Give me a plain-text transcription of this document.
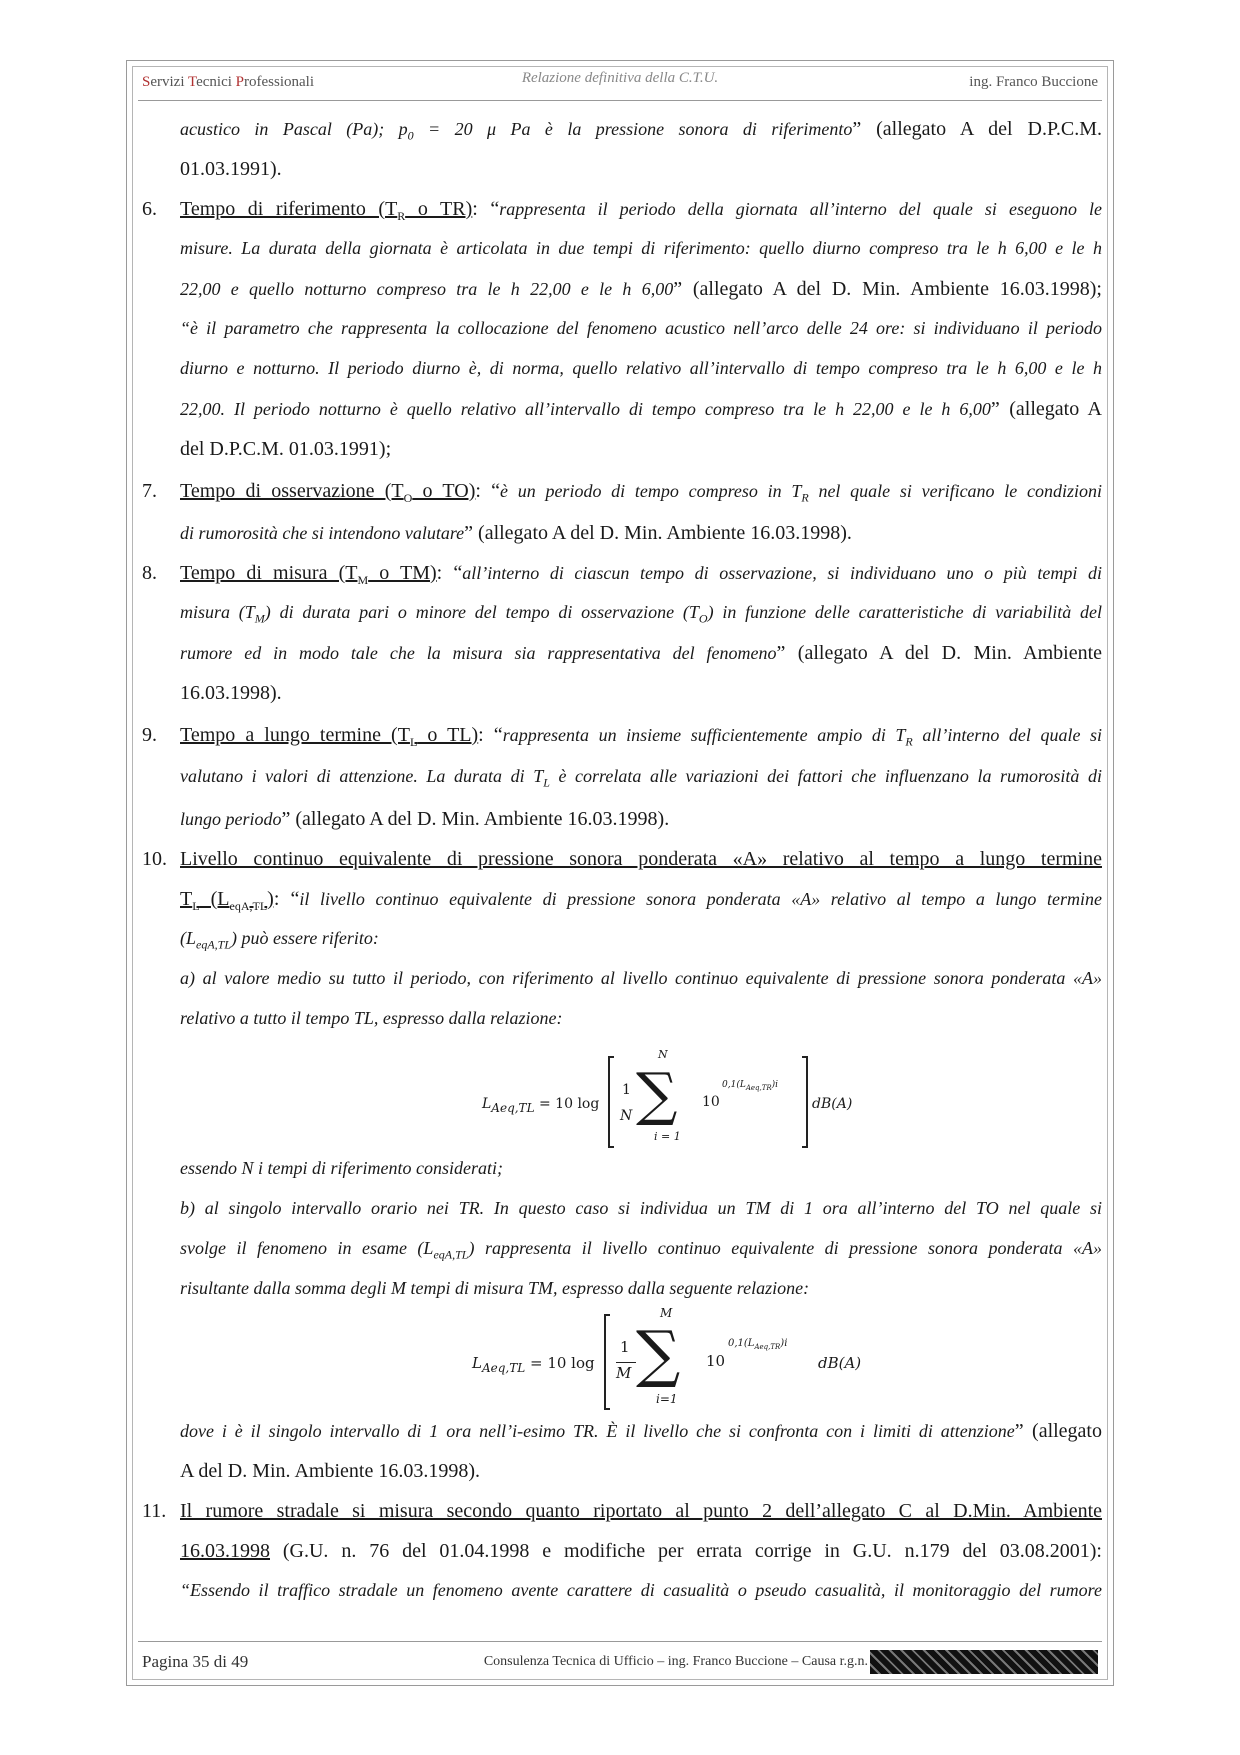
Servizi Tecnici Professionali	Relazione definitiva della C.T.U.	ing. Franco Buccione
acustico in Pascal (Pa); $p_0 = 20$ μ Pa è la pressione sonora di riferimento” (allegato A del D.P.C.M.
01.03.1991).
6. Tempo di riferimento ($T_R$ o TR): “rappresenta il periodo della giornata all’interno del quale si eseguono le
misure. La durata della giornata è articolata in due tempi di riferimento: quello diurno compreso tra le h 6,00 e le h
22,00 e quello notturno compreso tra le h 22,00 e le h 6,00” (allegato A del D. Min. Ambiente 16.03.1998);
“è il parametro che rappresenta la collocazione del fenomeno acustico nell’arco delle 24 ore: si individuano il periodo
diurno e notturno. Il periodo diurno è, di norma, quello relativo all’intervallo di tempo compreso tra le h 6,00 e le h
22,00. Il periodo notturno è quello relativo all’intervallo di tempo compreso tra le h 22,00 e le h 6,00” (allegato A
del D.P.C.M. 01.03.1991);
7. Tempo di osservazione ($T_O$ o TO): “è un periodo di tempo compreso in $T_R$ nel quale si verificano le condizioni
di rumorosità che si intendono valutare” (allegato A del D. Min. Ambiente 16.03.1998).
8. Tempo di misura ($T_M$ o TM): “all’interno di ciascun tempo di osservazione, si individuano uno o più tempi di
misura $(T_M)$ di durata pari o minore del tempo di osservazione $(T_O)$ in funzione delle caratteristiche di variabilità del
rumore ed in modo tale che la misura sia rappresentativa del fenomeno” (allegato A del D. Min. Ambiente
16.03.1998).
9. Tempo a lungo termine ($T_L$ o TL): “rappresenta un insieme sufficientemente ampio di $T_R$ all’interno del quale si
valutano i valori di attenzione. La durata di $T_L$ è correlata alle variazioni dei fattori che influenzano la rumorosità di
lungo periodo” (allegato A del D. Min. Ambiente 16.03.1998).
10. Livello continuo equivalente di pressione sonora ponderata «A» relativo al tempo a lungo termine
$T_L$ $(L_{eqA,TL})$: “il livello continuo equivalente di pressione sonora ponderata «A» relativo al tempo a lungo termine
$(L_{eqA,TL})$ può essere riferito:
a) al valore medio su tutto il periodo, con riferimento al livello continuo equivalente di pressione sonora ponderata «A»
relativo a tutto il tempo TL, espresso dalla relazione:
$L_{Aeq,TL} = 10$ log
1
N
N
∑
i = 1
10
$0,1(L_{Aeq,TR})i$
dB(A)
essendo N i tempi di riferimento considerati;
b) al singolo intervallo orario nei TR. In questo caso si individua un TM di 1 ora all’interno del TO nel quale si
svolge il fenomeno in esame $(L_{eqA,TL})$ rappresenta il livello continuo equivalente di pressione sonora ponderata «A»
risultante dalla somma degli M tempi di misura TM, espresso dalla seguente relazione:
$L_{Aeq,TL} = 10$ log
1
M
M
∑
i=1
10
$0,1(L_{Aeq,TR})i$
dB(A)
dove i è il singolo intervallo di 1 ora nell’i-esimo TR. È il livello che si confronta con i limiti di attenzione” (allegato
A del D. Min. Ambiente 16.03.1998).
11. Il rumore stradale si misura secondo quanto riportato al punto 2 dell’allegato C al D.Min. Ambiente
16.03.1998 (G.U. n. 76 del 01.04.1998 e modifiche per errata corrige in G.U. n.179 del 03.08.2001):
“Essendo il traffico stradale un fenomeno avente carattere di casualità o pseudo casualità, il monitoraggio del rumore
Pagina 35 di 49	Consulenza Tecnica di Ufficio – ing. Franco Buccione – Causa r.g.n.
